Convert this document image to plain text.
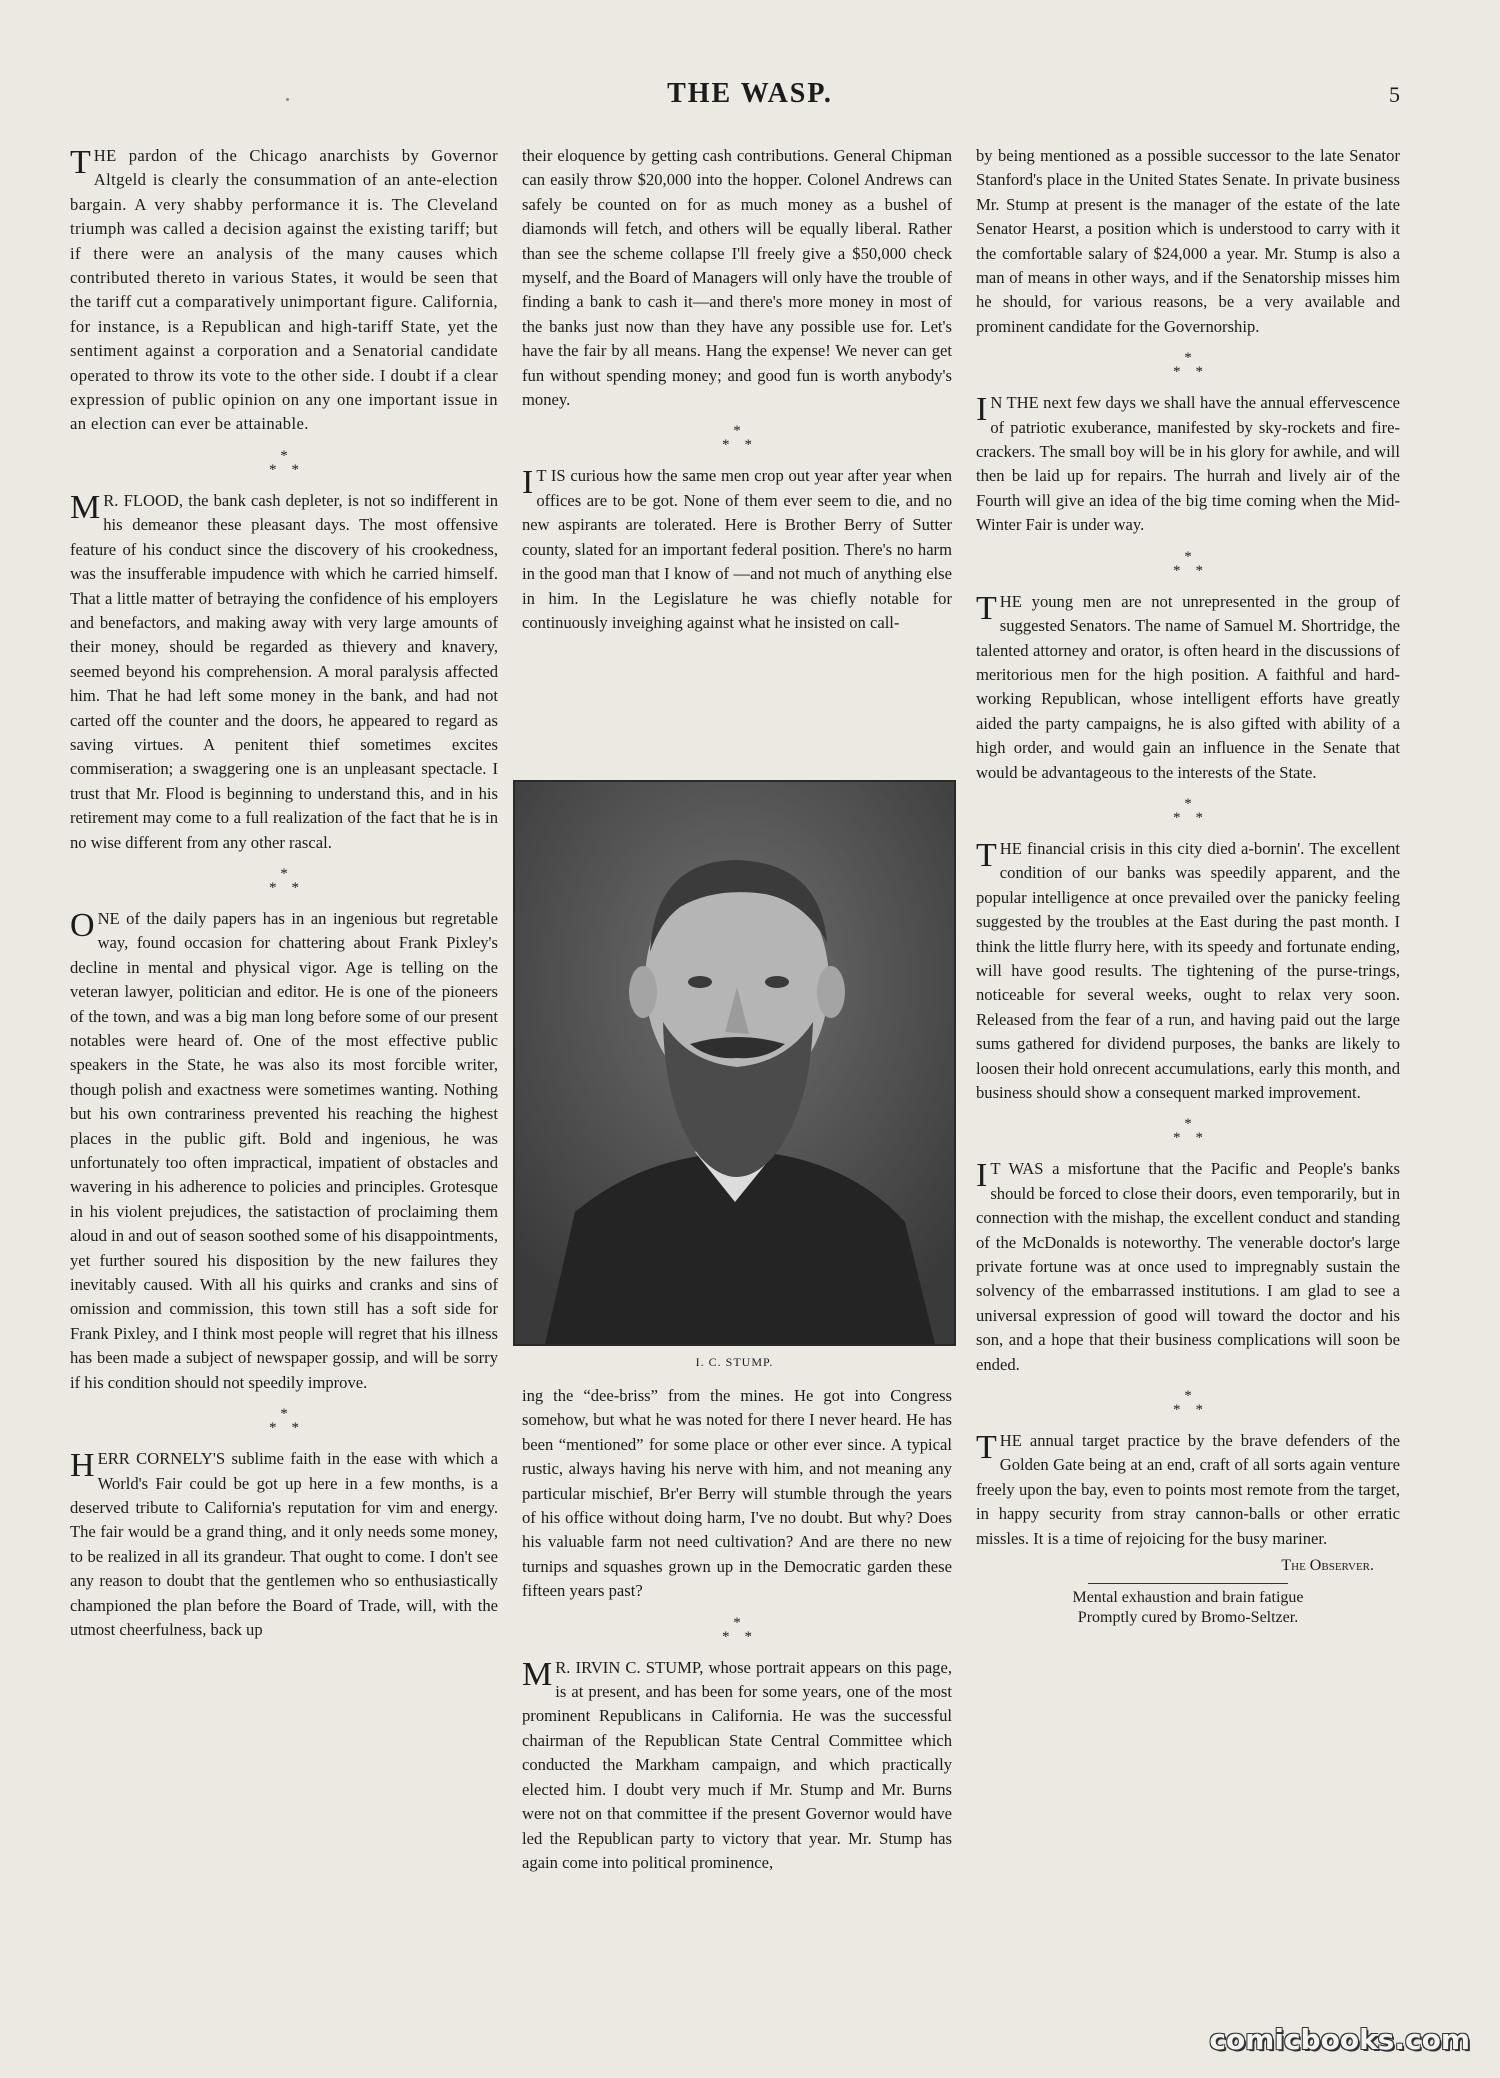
THE WASP.	5

THE pardon of the Chicago anarchists by Governor Altgeld is clearly the consummation of an ante-election bargain. A very shabby performance it is. The Cleveland triumph was called a decision against the existing tariff; but if there were an analysis of the many causes which contributed thereto in various States, it would be seen that the tariff cut a comparatively unimportant figure. California, for instance, is a Republican and high-tariff State, yet the sentiment against a corporation and a Senatorial candidate operated to throw its vote to the other side. I doubt if a clear expression of public opinion on any one important issue in an election can ever be attainable.

*
*    *

M R. FLOOD, the bank cash depleter, is not so indifferent in his demeanor these pleasant days. The most offensive feature of his conduct since the discovery of his crookedness, was the insufferable impudence with which he carried himself. That a little matter of betraying the confidence of his employers and benefactors, and making away with very large amounts of their money, should be regarded as thievery and knavery, seemed beyond his comprehension. A moral paralysis affected him. That he had left some money in the bank, and had not carted off the counter and the doors, he appeared to regard as saving virtues. A penitent thief sometimes excites commiseration; a swaggering one is an unpleasant spectacle. I trust that Mr. Flood is beginning to understand this, and in his retirement may come to a full realization of the fact that he is in no wise different from any other rascal.

*
*    *

ONE of the daily papers has in an ingenious but regretable way, found occasion for chattering about Frank Pixley's decline in mental and physical vigor. Age is telling on the veteran lawyer, politician and editor. He is one of the pioneers of the town, and was a big man long before some of our present notables were heard of. One of the most effective public speakers in the State, he was also its most forcible writer, though polish and exactness were sometimes wanting. Nothing but his own contrariness prevented his reaching the highest places in the public gift. Bold and ingenious, he was unfortunately too often impractical, impatient of obstacles and wavering in his adherence to policies and principles. Grotesque in his violent prejudices, the satistaction of proclaiming them aloud in and out of season soothed some of his disappointments, yet further soured his disposition by the new failures they inevitably caused. With all his quirks and cranks and sins of omission and commission, this town still has a soft side for Frank Pixley, and I think most people will regret that his illness has been made a subject of newspaper gossip, and will be sorry if his condition should not speedily improve.

*
*    *

HERR CORNELY'S sublime faith in the ease with which a World's Fair could be got up here in a few months, is a deserved tribute to California's reputation for vim and energy. The fair would be a grand thing, and it only needs some money, to be realized in all its grandeur. That ought to come. I don't see any reason to doubt that the gentlemen who so enthusiastically championed the plan before the Board of Trade, will, with the utmost cheerfulness, back up

their eloquence by getting cash contributions. General Chipman can easily throw $20,000 into the hopper. Colonel Andrews can safely be counted on for as much money as a bushel of diamonds will fetch, and others will be equally liberal. Rather than see the scheme collapse I'll freely give a $50,000 check myself, and the Board of Managers will only have the trouble of finding a bank to cash it—and there's more money in most of the banks just now than they have any possible use for. Let's have the fair by all means. Hang the expense! We never can get fun without spending money; and good fun is worth anybody's money.

*
*    *

I T IS curious how the same men crop out year after year when offices are to be got. None of them ever seem to die, and no new aspirants are tolerated. Here is Brother Berry of Sutter county, slated for an important federal position. There's no harm in the good man that I know of —and not much of anything else in him. In the Legislature he was chiefly notable for continuously inveighing against what he insisted on call-

I. C. STUMP.

ing the “dee-briss” from the mines. He got into Congress somehow, but what he was noted for there I never heard. He has been “mentioned” for some place or other ever since. A typical rustic, always having his nerve with him, and not meaning any particular mischief, Br'er Berry will stumble through the years of his office without doing harm, I've no doubt. But why? Does his valuable farm not need cultivation? And are there no new turnips and squashes grown up in the Democratic garden these fifteen years past?

*
*    *

M R. IRVIN C. STUMP, whose portrait appears on this page, is at present, and has been for some years, one of the most prominent Republicans in California. He was the successful chairman of the Republican State Central Committee which conducted the Markham campaign, and which practically elected him. I doubt very much if Mr. Stump and Mr. Burns were not on that committee if the present Governor would have led the Republican party to victory that year. Mr. Stump has again come into political prominence,

by being mentioned as a possible successor to the late Senator Stanford's place in the United States Senate. In private business Mr. Stump at present is the manager of the estate of the late Senator Hearst, a position which is understood to carry with it the comfortable salary of $24,000 a year. Mr. Stump is also a man of means in other ways, and if the Senatorship misses him he should, for various reasons, be a very available and prominent candidate for the Governorship.

*
*    *

I N THE next few days we shall have the annual effervescence of patriotic exuberance, manifested by sky-rockets and fire-crackers. The small boy will be in his glory for awhile, and will then be laid up for repairs. The hurrah and lively air of the Fourth will give an idea of the big time coming when the Mid-Winter Fair is under way.

*
*    *

THE young men are not unrepresented in the group of suggested Senators. The name of Samuel M. Shortridge, the talented attorney and orator, is often heard in the discussions of meritorious men for the high position. A faithful and hard-working Republican, whose intelligent efforts have greatly aided the party campaigns, he is also gifted with ability of a high order, and would gain an influence in the Senate that would be advantageous to the interests of the State.

*
*    *

THE financial crisis in this city died a-bornin'. The excellent condition of our banks was speedily apparent, and the popular intelligence at once prevailed over the panicky feeling suggested by the troubles at the East during the past month. I think the little flurry here, with its speedy and fortunate ending, will have good results. The tightening of the purse-trings, noticeable for several weeks, ought to relax very soon. Released from the fear of a run, and having paid out the large sums gathered for dividend purposes, the banks are likely to loosen their hold onrecent accumulations, early this month, and business should show a consequent marked improvement.

*
*    *

I T WAS a misfortune that the Pacific and People's banks should be forced to close their doors, even temporarily, but in connection with the mishap, the excellent conduct and standing of the McDonalds is noteworthy. The venerable doctor's large private fortune was at once used to impregnably sustain the solvency of the embarrassed institutions. I am glad to see a universal expression of good will toward the doctor and his son, and a hope that their business complications will soon be ended.

*
*    *

THE annual target practice by the brave defenders of the Golden Gate being at an end, craft of all sorts again venture freely upon the bay, even to points most remote from the target, in happy security from stray cannon-balls or other erratic missles. It is a time of rejoicing for the busy mariner.

The Observer.

Mental exhaustion and brain fatigue

Promptly cured by Bromo-Seltzer.

comicbooks.com
